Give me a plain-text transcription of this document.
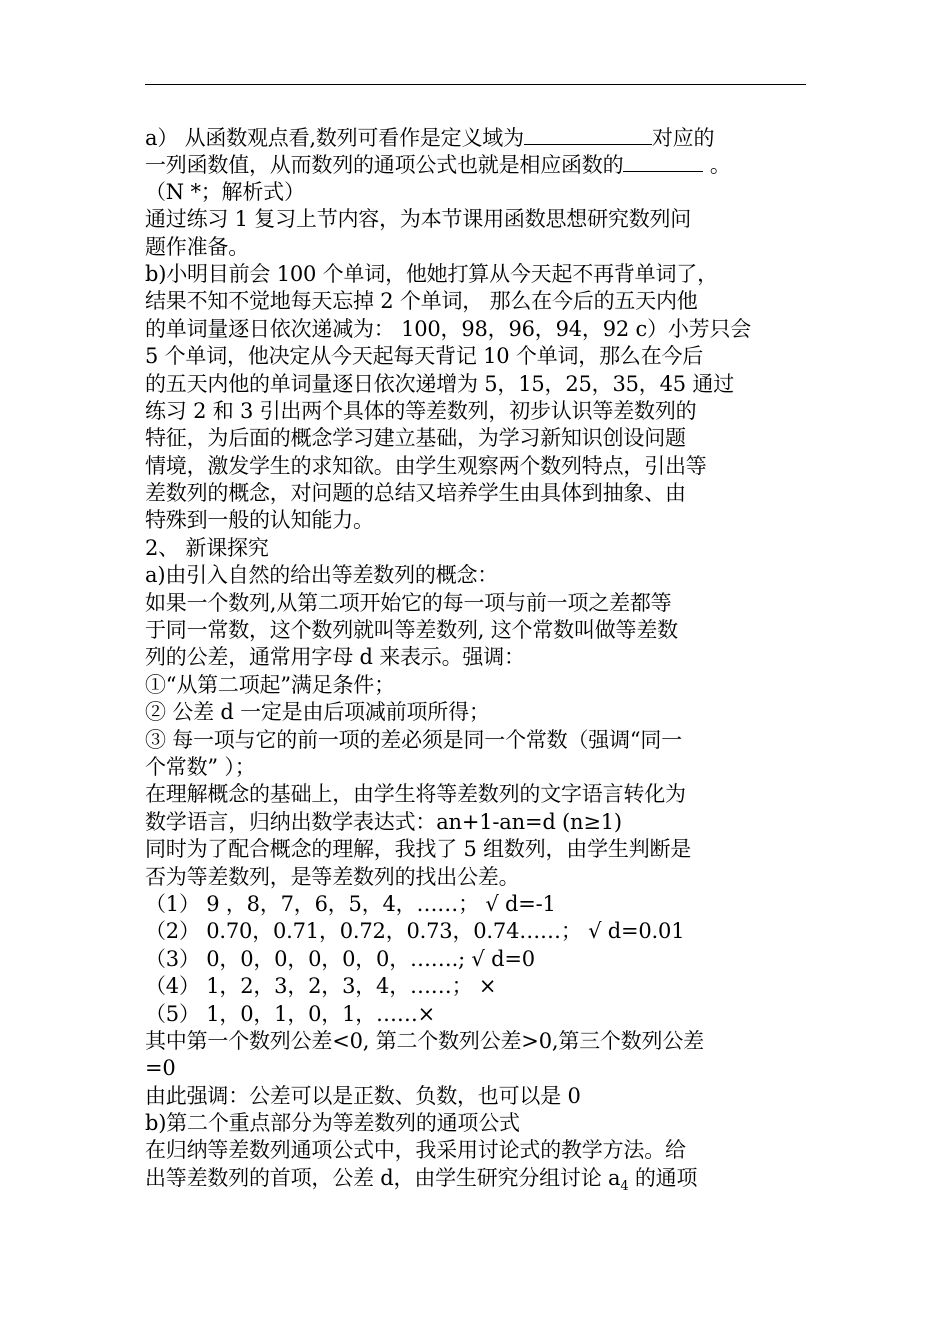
a） 从函数观点看,数列可看作是定义域为	对应的
一列函数值，从而数列的通项公式也就是相应函数的	。
（N *；解析式）
通过练习 1 复习上节内容，为本节课用函数思想研究数列问
题作准备。
b)小明目前会 100 个单词，他她打算从今天起不再背单词了，
结果不知不觉地每天忘掉 2 个单词， 那么在今后的五天内他
的单词量逐日依次递减为： 100，98，96，94，92 c）小芳只会
5 个单词，他决定从今天起每天背记 10 个单词，那么在今后
的五天内他的单词量逐日依次递增为 5，15，25，35，45 通过
练习 2 和 3 引出两个具体的等差数列，初步认识等差数列的
特征，为后面的概念学习建立基础，为学习新知识创设问题
情境，激发学生的求知欲。由学生观察两个数列特点，引出等
差数列的概念，对问题的总结又培养学生由具体到抽象、由
特殊到一般的认知能力。
2、 新课探究
a)由引入自然的给出等差数列的概念：
如果一个数列,从第二项开始它的每一项与前一项之差都等
于同一常数，这个数列就叫等差数列, 这个常数叫做等差数
列的公差，通常用字母 d 来表示。强调：
①“从第二项起”满足条件；
② 公差 d 一定是由后项减前项所得；
③ 每一项与它的前一项的差必须是同一个常数（强调“同一
个常数” ）；
在理解概念的基础上，由学生将等差数列的文字语言转化为
数学语言，归纳出数学表达式：an+1-an=d (n≥1)
同时为了配合概念的理解，我找了 5 组数列，由学生判断是
否为等差数列，是等差数列的找出公差。
（1） 9 ，8，7，6，5，4，……； √ d=-1
（2） 0.70，0.71，0.72，0.73，0.74……； √ d=0.01
（3） 0，0，0，0，0，0，…….; √ d=0
（4） 1，2，3，2，3，4，……； ×
（5） 1，0，1，0，1，……×
其中第一个数列公差<0, 第二个数列公差>0,第三个数列公差
=0
由此强调：公差可以是正数、负数，也可以是 0
b)第二个重点部分为等差数列的通项公式
在归纳等差数列通项公式中，我采用讨论式的教学方法。给
出等差数列的首项，公差 d，由学生研究分组讨论 $a_4$ 的通项
